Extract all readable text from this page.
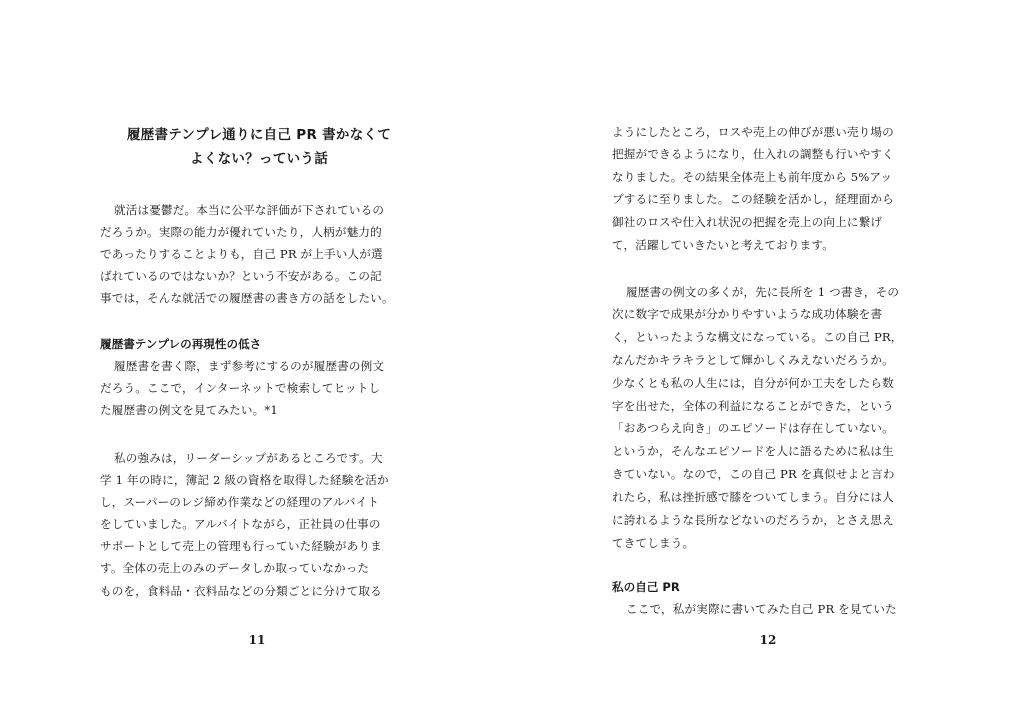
履歴書テンプレ通りに自己 PR 書かなくて
よくない？っていう話
就活は憂鬱だ。本当に公平な評価が下されているの
だろうか。実際の能力が優れていたり，人柄が魅力的
であったりすることよりも，自己 PR が上手い人が選
ばれているのではないか？という不安がある。この記
事では，そんな就活での履歴書の書き方の話をしたい。
履歴書テンプレの再現性の低さ
履歴書を書く際，まず参考にするのが履歴書の例文
だろう。ここで，インターネットで検索してヒットし
た履歴書の例文を見てみたい。*1
私の強みは，リーダーシップがあるところです。大
学 1 年の時に，簿記 2 級の資格を取得した経験を活か
し，スーパーのレジ締め作業などの経理のアルバイト
をしていました。アルバイトながら，正社員の仕事の
サポートとして売上の管理も行っていた経験がありま
す。全体の売上のみのデータしか取っていなかった
ものを，食料品・衣料品などの分類ごとに分けて取る
11
ようにしたところ，ロスや売上の伸びが悪い売り場の
把握ができるようになり，仕入れの調整も行いやすく
なりました。その結果全体売上も前年度から 5%アッ
プするに至りました。この経験を活かし，経理面から
御社のロスや仕入れ状況の把握を売上の向上に繋げ
て，活躍していきたいと考えております。
履歴書の例文の多くが，先に長所を 1 つ書き，その
次に数字で成果が分かりやすいような成功体験を書
く，といったような構文になっている。この自己 PR，
なんだかキラキラとして輝かしくみえないだろうか。
少なくとも私の人生には，自分が何か工夫をしたら数
字を出せた，全体の利益になることができた，という
「おあつらえ向き」のエピソードは存在していない。
というか，そんなエピソードを人に語るために私は生
きていない。なので，この自己 PR を真似せよと言わ
れたら，私は挫折感で膝をついてしまう。自分には人
に誇れるような長所などないのだろうか，とさえ思え
てきてしまう。
私の自己 PR
ここで，私が実際に書いてみた自己 PR を見ていた
12
